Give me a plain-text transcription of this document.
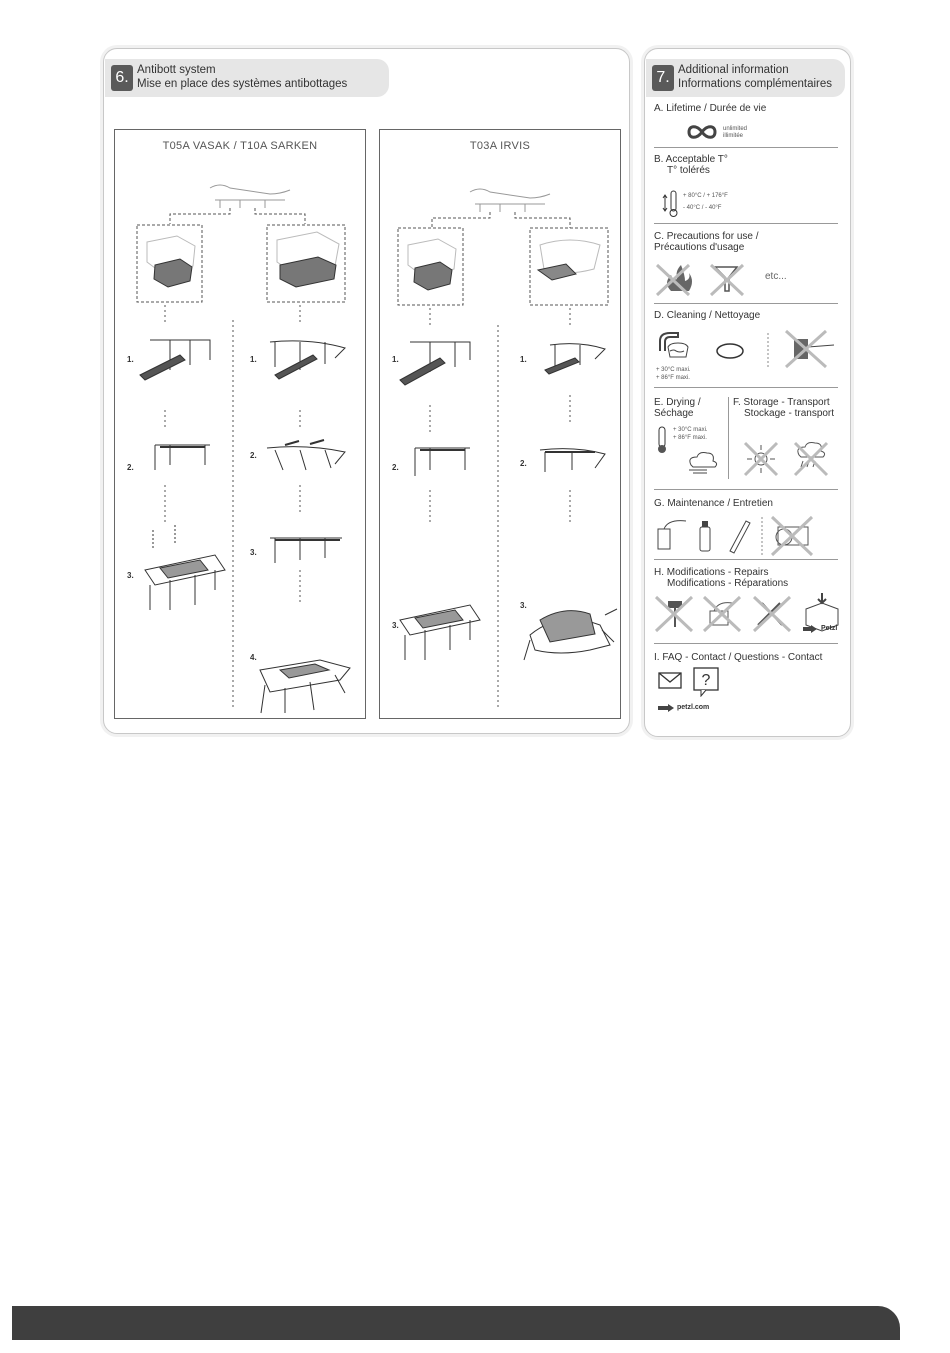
6. Antibott system
Mise en place des systèmes antibottages
T05A VASAK / T10A SARKEN
1.
2.
3.
1.
2.
3.
4.
T03A IRVIS
1.
2.
3.
1.
2.
3.
7. Additional information
Informations complémentaires
A. Lifetime / Durée de vie
unlimited
illimitée
B. Acceptable T°
T° tolérés
+ 80°C / + 176°F
- 40°C / - 40°F
C. Precautions for use /
Précautions d'usage
etc...
D. Cleaning / Nettoyage
+ 30°C maxi.
+ 86°F maxi.
E. Drying /
Séchage
F. Storage - Transport
Stockage - transport
+ 30°C maxi.
+ 86°F maxi.
G. Maintenance / Entretien
H. Modifications - Repairs
Modifications - Réparations
Petzl
I. FAQ - Contact / Questions - Contact
?
petzl.com
